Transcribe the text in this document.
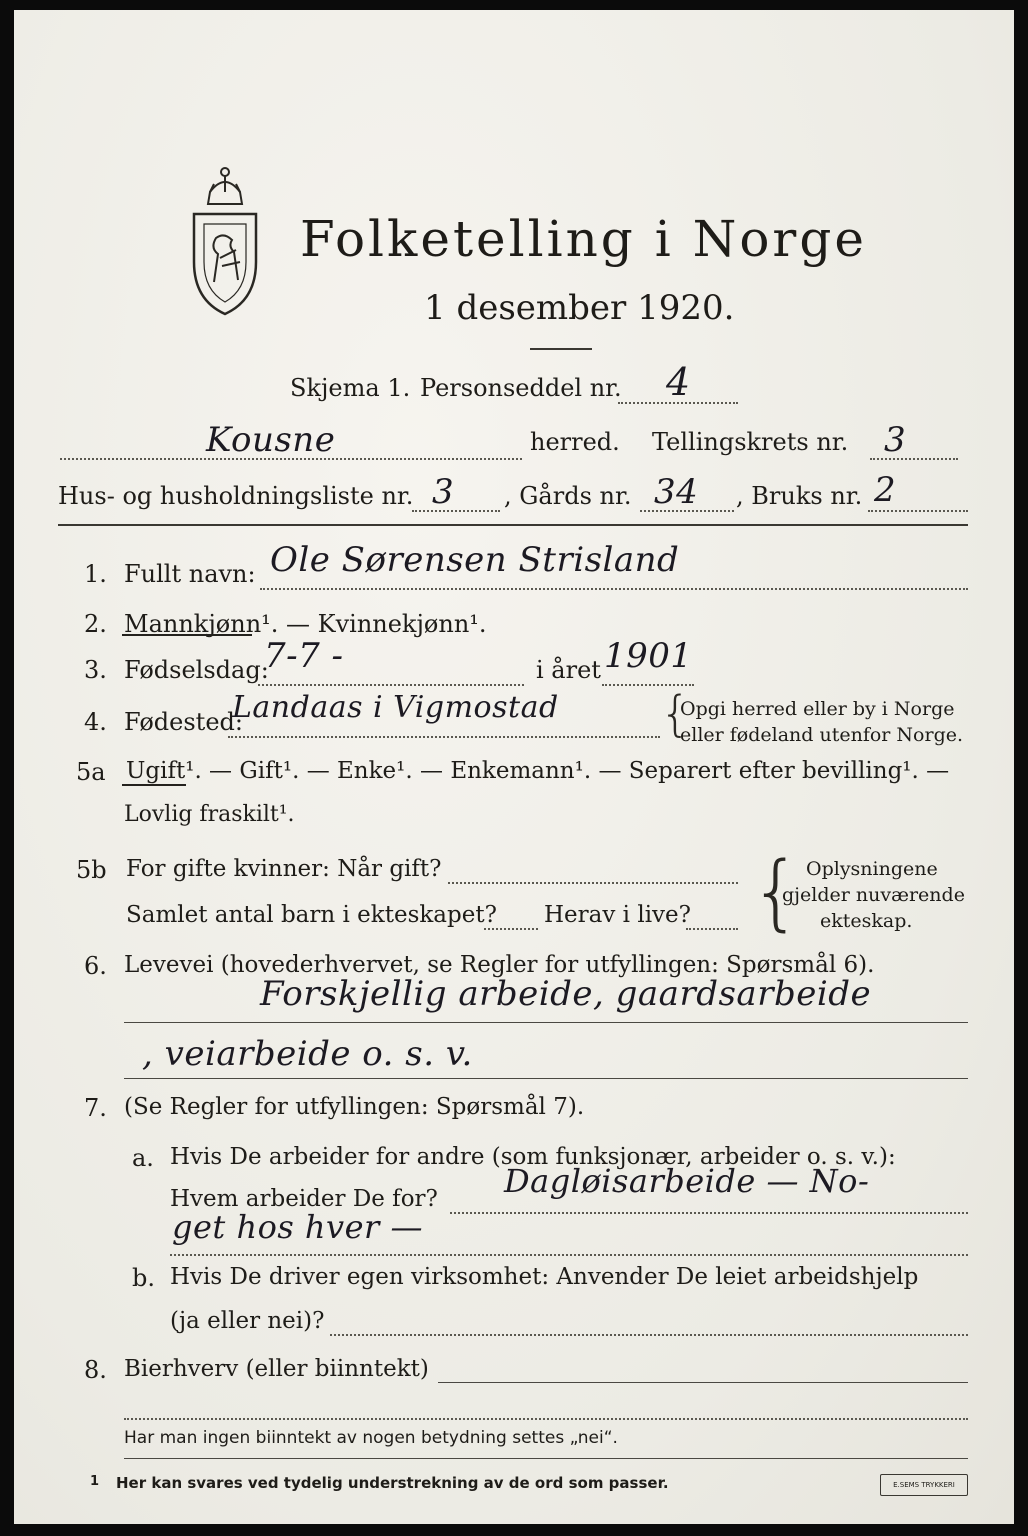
Folketelling i Norge
1 desember 1920.
Skjema 1. Personseddel nr. 4
Kousne	herred. Tellingskrets nr. 3
Hus- og husholdningsliste nr. 3 , Gårds nr. 34 , Bruks nr. 2
1. Fullt navn: Ole Sørensen Strisland
2. Mannkjønn¹. — Kvinnekjønn¹.
3. Fødselsdag:
7-7 -	i året 1901
4. Fødested:
Landaas i Vigmostad {
Opgi herred eller by i Norge
eller fødeland utenfor Norge.
5a Ugift¹. — Gift¹. — Enke¹. — Enkemann¹. — Separert efter bevilling¹. —
Lovlig fraskilt¹.
5b For gifte kvinner: Når gift?
Samlet antal barn i ekteskapet? Herav i live? { Oplysningene
gjelder nuværende
ekteskap.
6. Levevei (hovederhvervet, se Regler for utfyllingen: Spørsmål 6).
Forskjellig arbeide, gaardsarbeide
, veiarbeide o. s. v.
7. (Se Regler for utfyllingen: Spørsmål 7).
a. Hvis De arbeider for andre (som funksjonær, arbeider o. s. v.):
Hvem arbeider De for? Dagløisarbeide — No-
get hos hver —
b. Hvis De driver egen virksomhet: Anvender De leiet arbeidshjelp
(ja eller nei)?
8. Bierhverv (eller biinntekt)
Har man ingen biinntekt av nogen betydning settes „nei“.
1 Her kan svares ved tydelig understrekning av de ord som passer.	E.SEMS TRYKKERI
